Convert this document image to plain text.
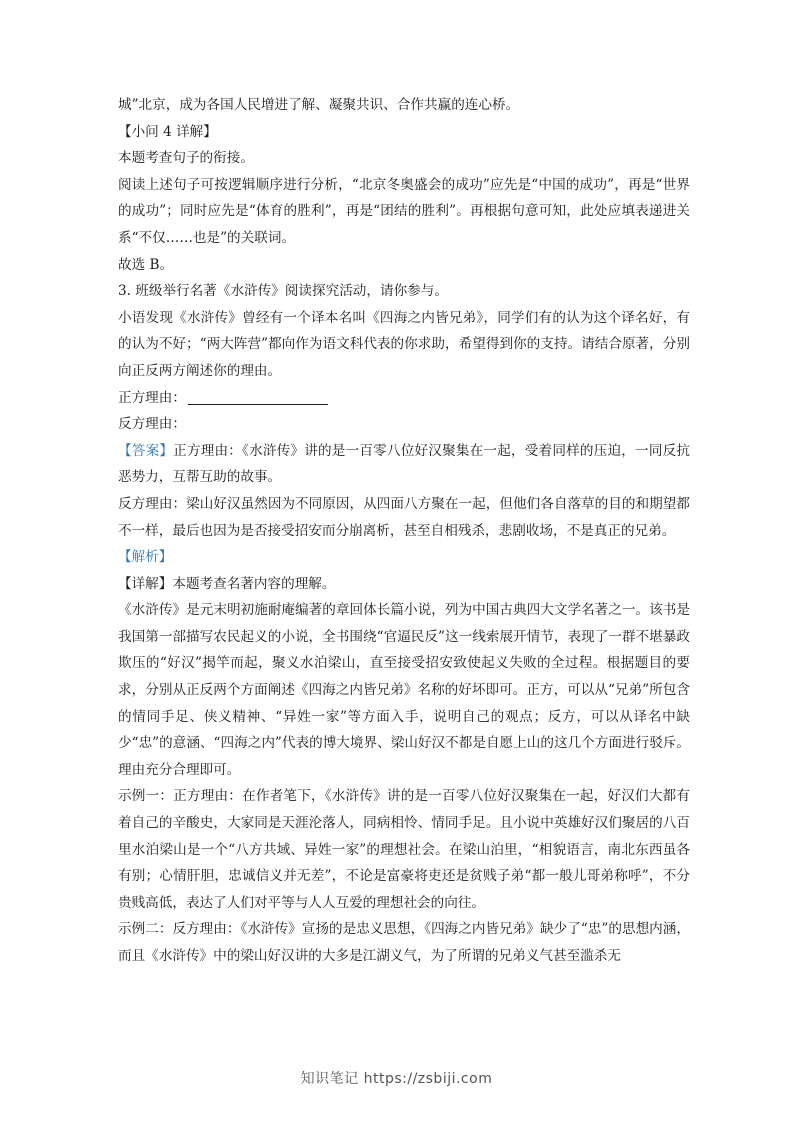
城”北京，成为各国人民增进了解、凝聚共识、合作共赢的连心桥。

【小问 4 详解】

本题考查句子的衔接。

阅读上述句子可按逻辑顺序进行分析，“北京冬奥盛会的成功”应先是“中国的成功”，再是“世界的成功”；同时应先是“体育的胜利”，再是“团结的胜利”。再根据句意可知，此处应填表递进关系“不仅……也是”的关联词。

故选 B。

3. 班级举行名著《水浒传》阅读探究活动，请你参与。

小语发现《水浒传》曾经有一个译本名叫《四海之内皆兄弟》，同学们有的认为这个译名好，有的认为不好；“两大阵营”都向作为语文科代表的你求助，希望得到你的支持。请结合原著，分别向正反两方阐述你的理由。

正方理由：

反方理由：

【答案】正方理由：《水浒传》讲的是一百零八位好汉聚集在一起，受着同样的压迫，一同反抗恶势力，互帮互助的故事。

反方理由：梁山好汉虽然因为不同原因，从四面八方聚在一起，但他们各自落草的目的和期望都不一样，最后也因为是否接受招安而分崩离析，甚至自相残杀，悲剧收场，不是真正的兄弟。

【解析】

【详解】本题考查名著内容的理解。

《水浒传》是元末明初施耐庵编著的章回体长篇小说，列为中国古典四大文学名著之一。该书是我国第一部描写农民起义的小说，全书围绕“官逼民反”这一线索展开情节，表现了一群不堪暴政欺压的“好汉”揭竿而起，聚义水泊梁山，直至接受招安致使起义失败的全过程。根据题目的要求，分别从正反两个方面阐述《四海之内皆兄弟》名称的好坏即可。正方，可以从“兄弟”所包含的情同手足、侠义精神、“异姓一家”等方面入手，说明自己的观点；反方，可以从译名中缺少“忠”的意涵、“四海之内”代表的博大境界、梁山好汉不都是自愿上山的这几个方面进行驳斥。理由充分合理即可。

示例一：正方理由：在作者笔下，《水浒传》讲的是一百零八位好汉聚集在一起，好汉们大都有着自己的辛酸史，大家同是天涯沦落人，同病相怜、情同手足。且小说中英雄好汉们聚居的八百里水泊梁山是一个“八方共域、异姓一家”的理想社会。在梁山泊里，“相貌语言，南北东西虽各有别；心情肝胆，忠诚信义并无差”，不论是富豪将吏还是贫贱子弟“都一般儿哥弟称呼”，不分贵贱高低，表达了人们对平等与人人互爱的理想社会的向往。

示例二：反方理由：《水浒传》宣扬的是忠义思想，《四海之内皆兄弟》缺少了“忠”的思想内涵，而且《水浒传》中的梁山好汉讲的大多是江湖义气，为了所谓的兄弟义气甚至滥杀无

知识笔记 https://zsbiji.com
